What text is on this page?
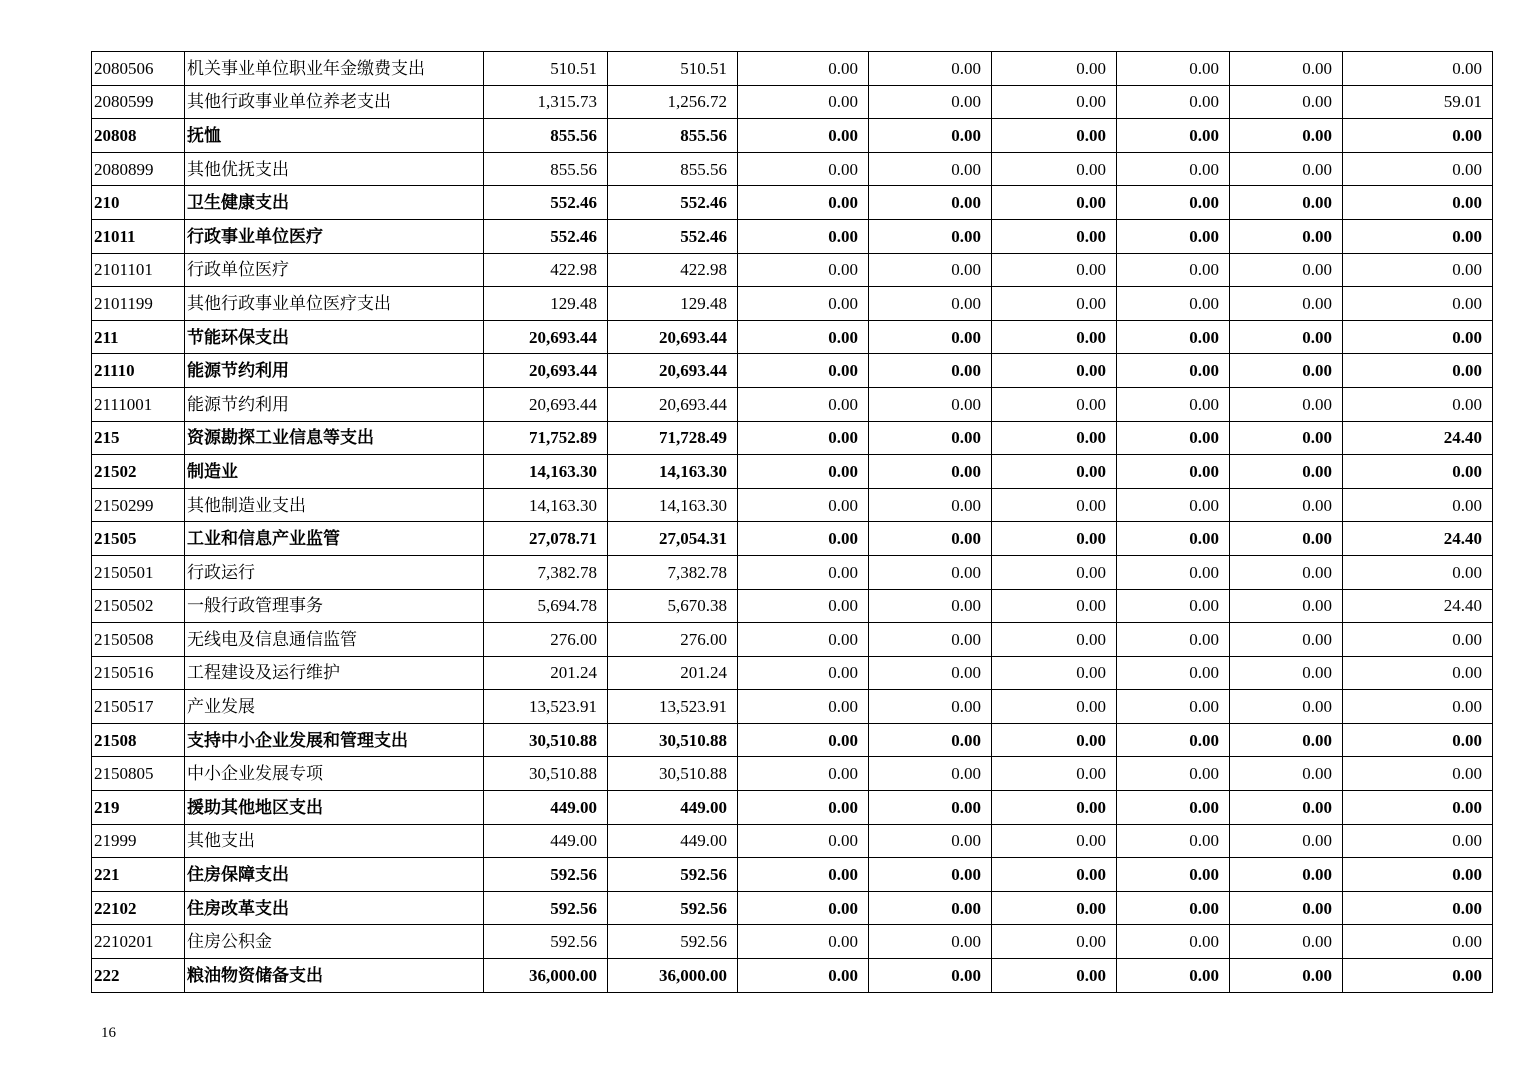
2080506	机关事业单位职业年金缴费支出	510.51	510.51	0.00	0.00	0.00	0.00	0.00	0.00
2080599	其他行政事业单位养老支出	1,315.73	1,256.72	0.00	0.00	0.00	0.00	0.00	59.01
20808	抚恤	855.56	855.56	0.00	0.00	0.00	0.00	0.00	0.00
2080899	其他优抚支出	855.56	855.56	0.00	0.00	0.00	0.00	0.00	0.00
210	卫生健康支出	552.46	552.46	0.00	0.00	0.00	0.00	0.00	0.00
21011	行政事业单位医疗	552.46	552.46	0.00	0.00	0.00	0.00	0.00	0.00
2101101	行政单位医疗	422.98	422.98	0.00	0.00	0.00	0.00	0.00	0.00
2101199	其他行政事业单位医疗支出	129.48	129.48	0.00	0.00	0.00	0.00	0.00	0.00
211	节能环保支出	20,693.44	20,693.44	0.00	0.00	0.00	0.00	0.00	0.00
21110	能源节约利用	20,693.44	20,693.44	0.00	0.00	0.00	0.00	0.00	0.00
2111001	能源节约利用	20,693.44	20,693.44	0.00	0.00	0.00	0.00	0.00	0.00
215	资源勘探工业信息等支出	71,752.89	71,728.49	0.00	0.00	0.00	0.00	0.00	24.40
21502	制造业	14,163.30	14,163.30	0.00	0.00	0.00	0.00	0.00	0.00
2150299	其他制造业支出	14,163.30	14,163.30	0.00	0.00	0.00	0.00	0.00	0.00
21505	工业和信息产业监管	27,078.71	27,054.31	0.00	0.00	0.00	0.00	0.00	24.40
2150501	行政运行	7,382.78	7,382.78	0.00	0.00	0.00	0.00	0.00	0.00
2150502	一般行政管理事务	5,694.78	5,670.38	0.00	0.00	0.00	0.00	0.00	24.40
2150508	无线电及信息通信监管	276.00	276.00	0.00	0.00	0.00	0.00	0.00	0.00
2150516	工程建设及运行维护	201.24	201.24	0.00	0.00	0.00	0.00	0.00	0.00
2150517	产业发展	13,523.91	13,523.91	0.00	0.00	0.00	0.00	0.00	0.00
21508	支持中小企业发展和管理支出	30,510.88	30,510.88	0.00	0.00	0.00	0.00	0.00	0.00
2150805	中小企业发展专项	30,510.88	30,510.88	0.00	0.00	0.00	0.00	0.00	0.00
219	援助其他地区支出	449.00	449.00	0.00	0.00	0.00	0.00	0.00	0.00
21999	其他支出	449.00	449.00	0.00	0.00	0.00	0.00	0.00	0.00
221	住房保障支出	592.56	592.56	0.00	0.00	0.00	0.00	0.00	0.00
22102	住房改革支出	592.56	592.56	0.00	0.00	0.00	0.00	0.00	0.00
2210201	住房公积金	592.56	592.56	0.00	0.00	0.00	0.00	0.00	0.00
222	粮油物资储备支出	36,000.00	36,000.00	0.00	0.00	0.00	0.00	0.00	0.00
16
